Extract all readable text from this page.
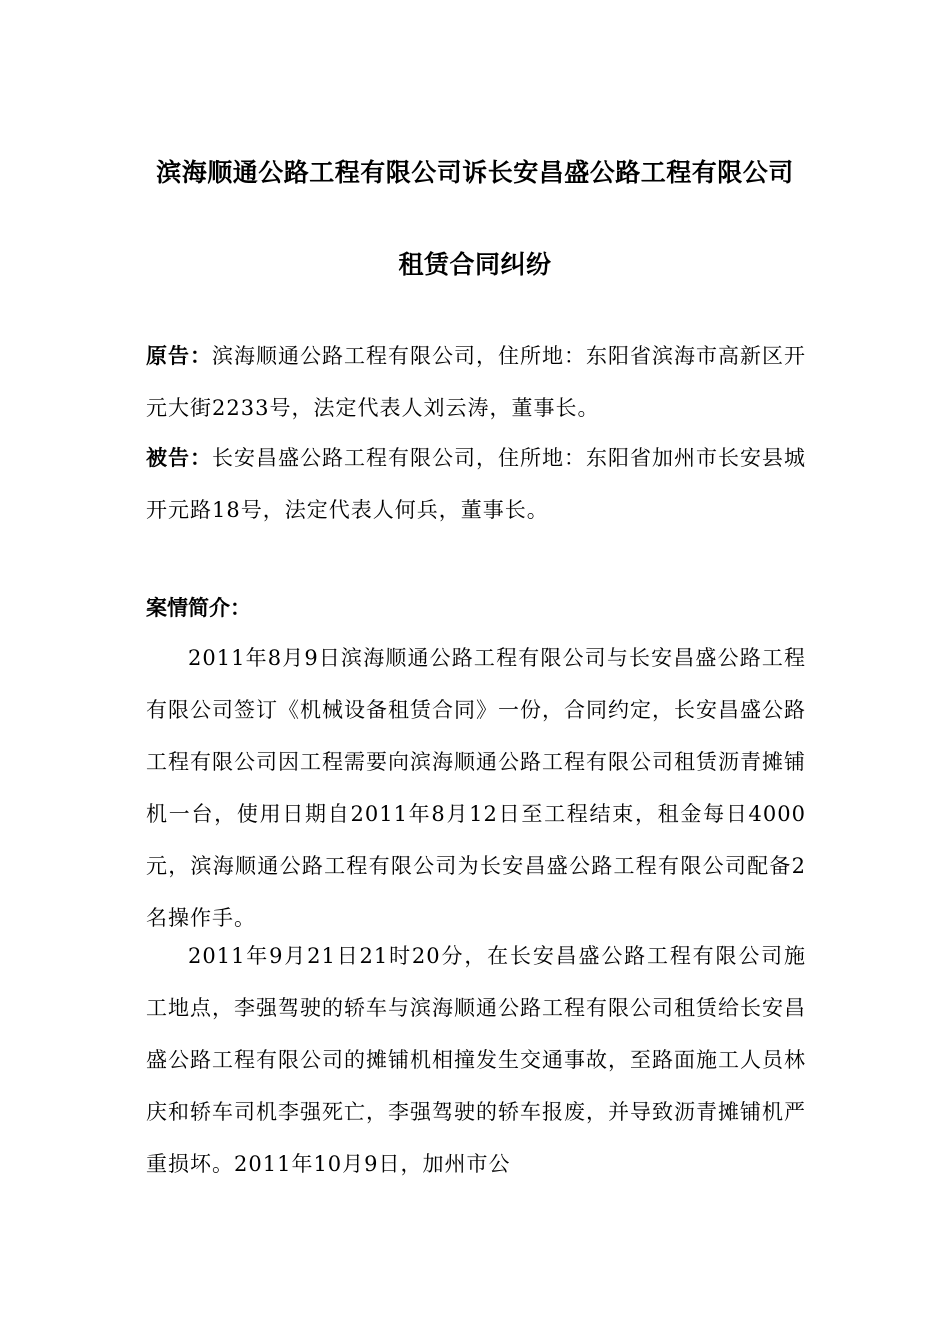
滨海顺通公路工程有限公司诉长安昌盛公路工程有限公司
租赁合同纠纷
原告：滨海顺通公路工程有限公司，住所地：东阳省滨海市高新区开元大街2233号，法定代表人刘云涛，董事长。
被告：长安昌盛公路工程有限公司，住所地：东阳省加州市长安县城开元路18号，法定代表人何兵，董事长。
案情简介：
2011年8月9日滨海顺通公路工程有限公司与长安昌盛公路工程有限公司签订《机械设备租赁合同》一份，合同约定，长安昌盛公路工程有限公司因工程需要向滨海顺通公路工程有限公司租赁沥青摊铺机一台，使用日期自2011年8月12日至工程结束，租金每日4000元，滨海顺通公路工程有限公司为长安昌盛公路工程有限公司配备2名操作手。
2011年9月21日21时20分，在长安昌盛公路工程有限公司施工地点，李强驾驶的轿车与滨海顺通公路工程有限公司租赁给长安昌盛公路工程有限公司的摊铺机相撞发生交通事故，至路面施工人员林庆和轿车司机李强死亡，李强驾驶的轿车报废，并导致沥青摊铺机严重损坏。2011年10月9日，加州市公
